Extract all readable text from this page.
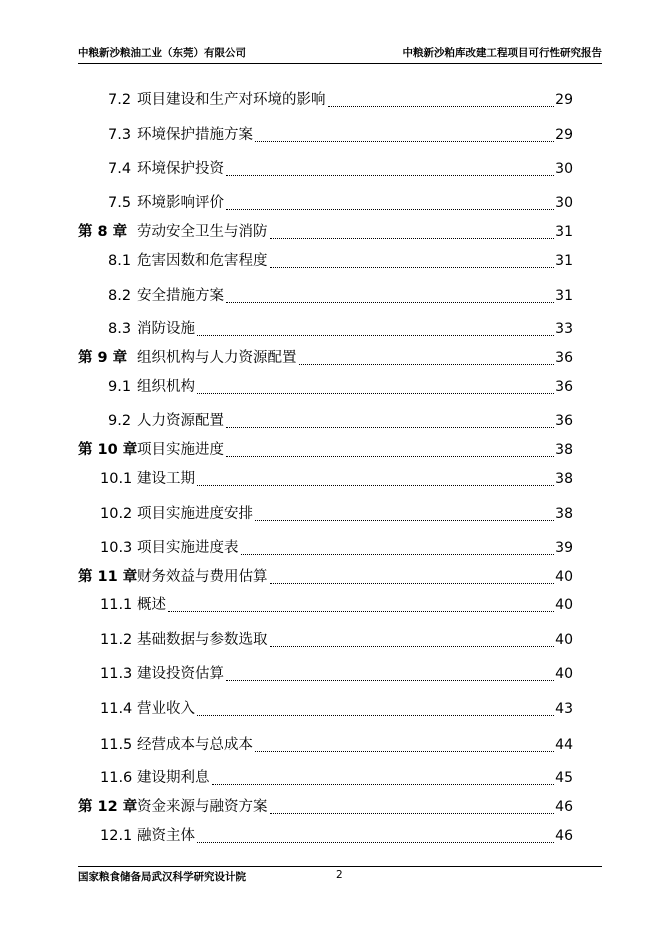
中粮新沙粮油工业（东莞）有限公司	中粮新沙粕库改建工程项目可行性研究报告
7.2 项目建设和生产对环境的影响	29
7.3 环境保护措施方案	29
7.4 环境保护投资	30
7.5 环境影响评价	30
第 8 章 劳动安全卫生与消防	31
8.1 危害因数和危害程度	31
8.2 安全措施方案	31
8.3 消防设施	33
第 9 章 组织机构与人力资源配置	36
9.1 组织机构	36
9.2 人力资源配置	36
第 10 章 项目实施进度	38
10.1 建设工期	38
10.2 项目实施进度安排	38
10.3 项目实施进度表	39
第 11 章 财务效益与费用估算	40
11.1 概述	40
11.2 基础数据与参数选取	40
11.3 建设投资估算	40
11.4 营业收入	43
11.5 经营成本与总成本	44
11.6 建设期利息	45
第 12 章 资金来源与融资方案	46
12.1 融资主体	46
国家粮食储备局武汉科学研究设计院	2
